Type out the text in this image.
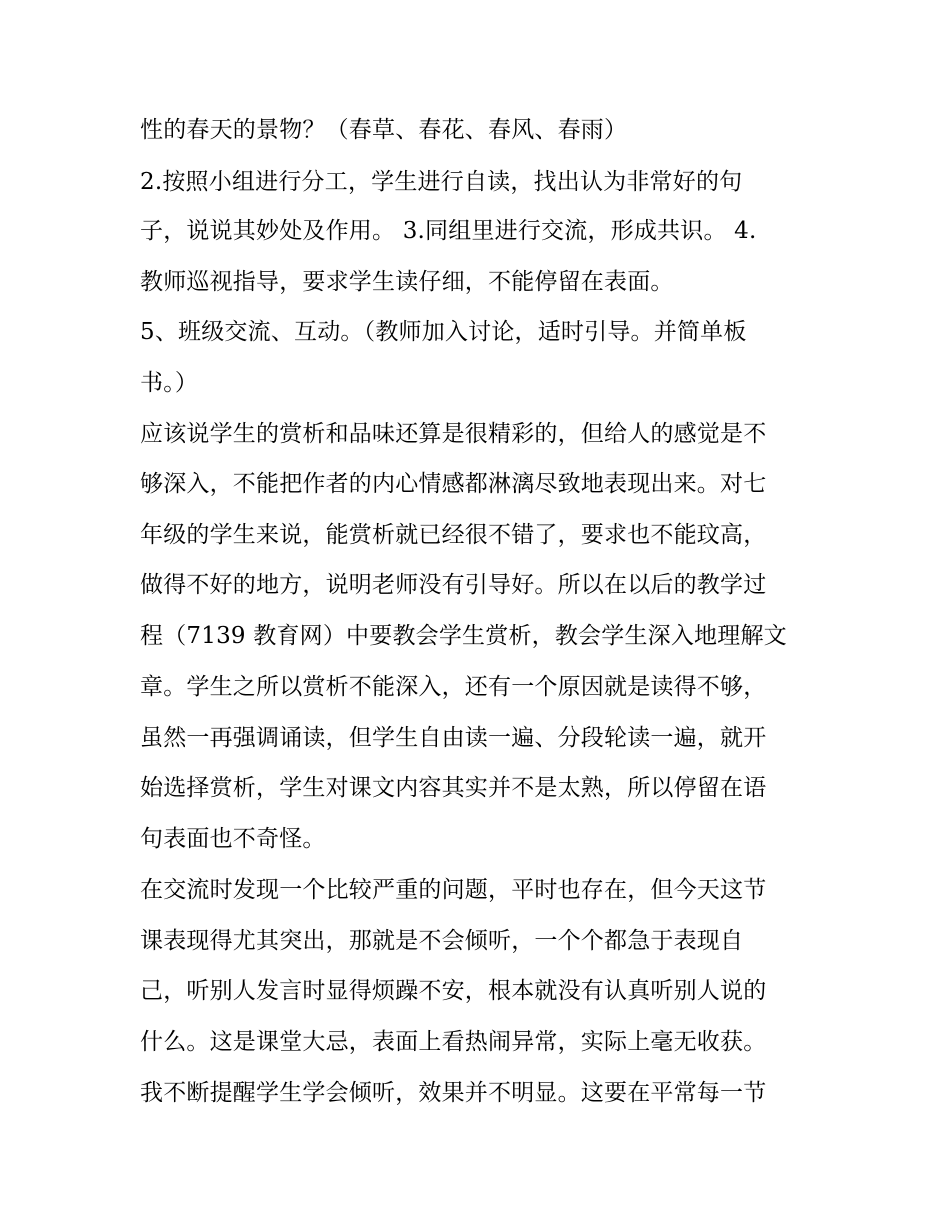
性的春天的景物？（春草、春花、春风、春雨）
2.按照小组进行分工，学生进行自读，找出认为非常好的句
子，说说其妙处及作用。 3.同组里进行交流，形成共识。 4.
教师巡视指导，要求学生读仔细，不能停留在表面。
5、班级交流、互动。（教师加入讨论，适时引导。并简单板
书。）
应该说学生的赏析和品味还算是很精彩的，但给人的感觉是不
够深入，不能把作者的内心情感都淋漓尽致地表现出来。对七
年级的学生来说，能赏析就已经很不错了，要求也不能玟高，
做得不好的地方，说明老师没有引导好。所以在以后的教学过
程（7139 教育网）中要教会学生赏析，教会学生深入地理解文
章。学生之所以赏析不能深入，还有一个原因就是读得不够，
虽然一再强调诵读，但学生自由读一遍、分段轮读一遍，就开
始选择赏析，学生对课文内容其实并不是太熟，所以停留在语
句表面也不奇怪。
在交流时发现一个比较严重的问题，平时也存在，但今天这节
课表现得尤其突出，那就是不会倾听，一个个都急于表现自
己，听别人发言时显得烦躁不安，根本就没有认真听别人说的
什么。这是课堂大忌，表面上看热闹异常，实际上毫无收获。
我不断提醒学生学会倾听，效果并不明显。这要在平常每一节
